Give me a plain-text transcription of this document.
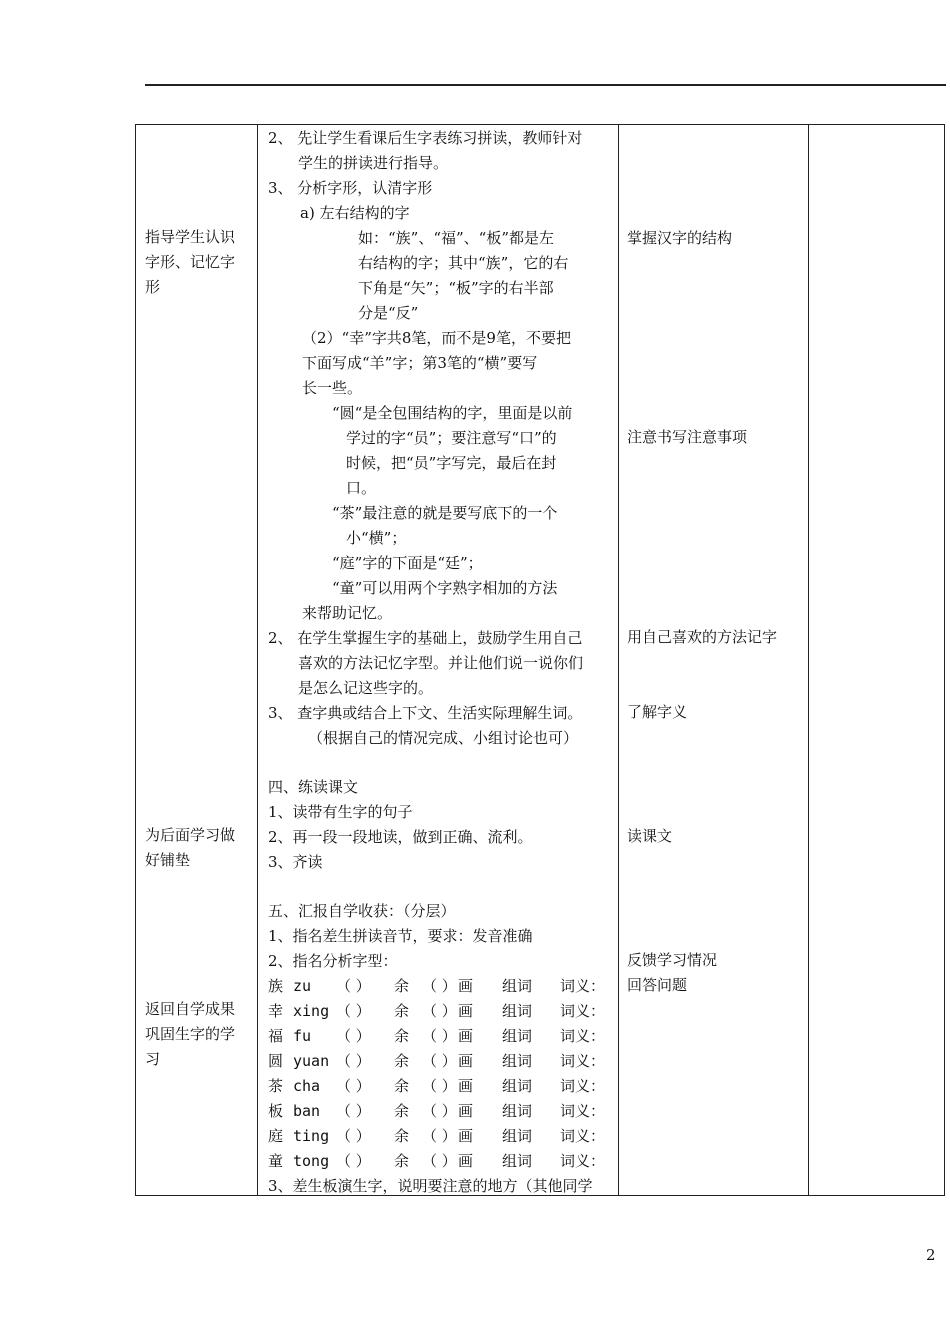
指导学生认识
字形、记忆字
形
为后面学习做
好铺垫
返回自学成果
巩固生字的学
习
2、 先让学生看课后生字表练习拼读，教师针对
学生的拼读进行指导。
3、 分析字形，认清字形
a) 左右结构的字
如：“族”、“福”、“板”都是左
右结构的字；其中“族”，它的右
下角是“矢”；“板”字的右半部
分是“反”
（2）“幸”字共8笔，而不是9笔，不要把
下面写成“羊”字；第3笔的“横”要写
长一些。
“圆“是全包围结构的字，里面是以前
学过的字“员”；要注意写“口”的
时候，把“员”字写完，最后在封
口。
“茶”最注意的就是要写底下的一个
小“横”；
“庭”字的下面是“廷”；
“童”可以用两个字熟字相加的方法
来帮助记忆。
2、 在学生掌握生字的基础上，鼓励学生用自己
喜欢的方法记忆字型。并让他们说一说你们
是怎么记这些字的。
3、 查字典或结合上下文、生活实际理解生词。
（根据自己的情况完成、小组讨论也可）
四、练读课文
1、读带有生字的句子
2、再一段一段地读，做到正确、流利。
3、齐读
五、汇报自学收获：（分层）
1、指名差生拼读音节，要求：发音准确
2、指名分析字型：
族 zu （ ） 余 （ ） 画 组词 词义：
幸 xing （ ） 余 （ ） 画 组词 词义：
福 fu （ ） 余 （ ） 画 组词 词义：
圆 yuan （ ） 余 （ ） 画 组词 词义：
茶 cha （ ） 余 （ ） 画 组词 词义：
板 ban （ ） 余 （ ） 画 组词 词义：
庭 ting （ ） 余 （ ） 画 组词 词义：
童 tong （ ） 余 （ ） 画 组词 词义：
3、差生板演生字，说明要注意的地方（其他同学
掌握汉字的结构
注意书写注意事项
用自己喜欢的方法记字
了解字义
读课文
反馈学习情况
回答问题
2
